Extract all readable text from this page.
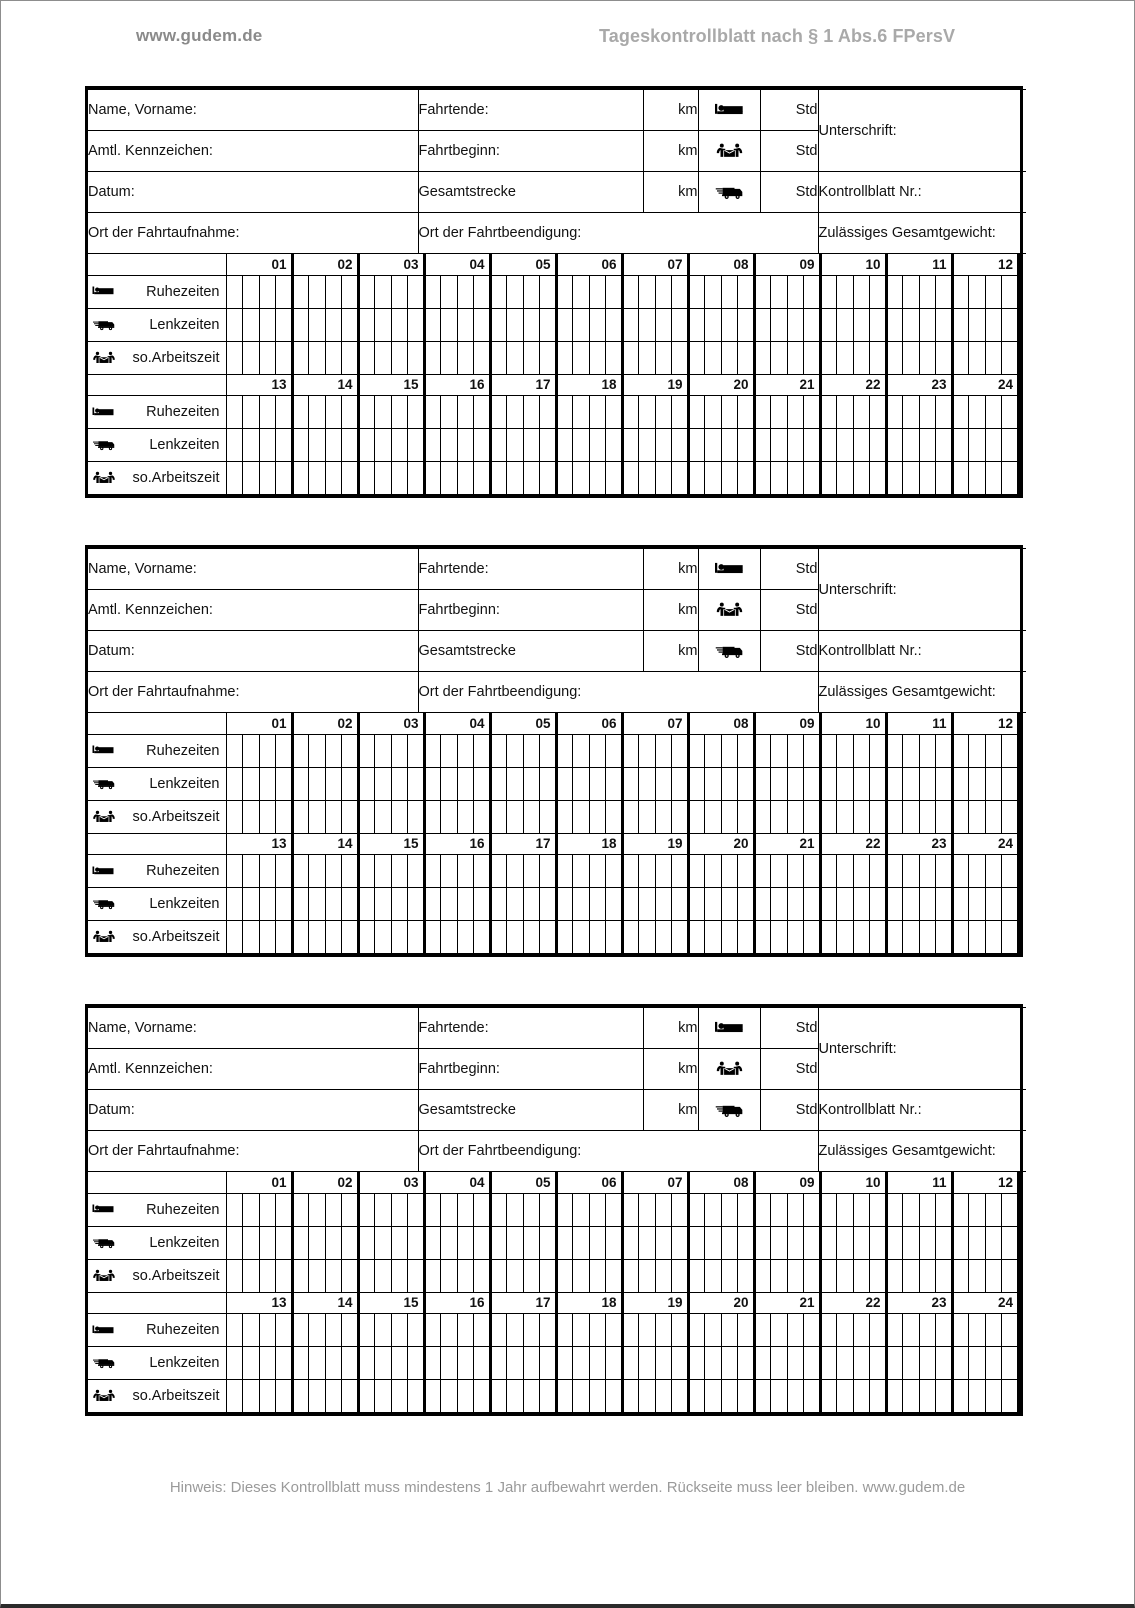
www.gudem.de	Tageskontrollblatt nach § 1 Abs.6 FPersV
Name, Vorname:	Fahrtende:	km		Std	Unterschrift:
Amtl. Kennzeichen:	Fahrtbeginn:	km		Std	
Datum:	Gesamtstrecke	km		Std	Kontrollblatt Nr.:
Ort der Fahrtaufnahme:	Ort der Fahrtbeendigung:				Zulässiges Gesamtgewicht:
	01				02				03				04				05				06				07				08				09				10				11				12			

Ruhezeiten																																																

Lenkzeiten																																																

so.Arbeitszeit																																																

	13				14				15				16				17				18				19				20				21				22				23				24			

Ruhezeiten																																																

Lenkzeiten																																																

so.Arbeitszeit																																																

Name, Vorname:	Fahrtende:	km		Std	Unterschrift:
Amtl. Kennzeichen:	Fahrtbeginn:	km		Std	
Datum:	Gesamtstrecke	km		Std	Kontrollblatt Nr.:
Ort der Fahrtaufnahme:	Ort der Fahrtbeendigung:				Zulässiges Gesamtgewicht:
	01				02				03				04				05				06				07				08				09				10				11				12			

Ruhezeiten																																																

Lenkzeiten																																																

so.Arbeitszeit																																																

	13				14				15				16				17				18				19				20				21				22				23				24			

Ruhezeiten																																																

Lenkzeiten																																																

so.Arbeitszeit																																																

Name, Vorname:	Fahrtende:	km		Std	Unterschrift:
Amtl. Kennzeichen:	Fahrtbeginn:	km		Std	
Datum:	Gesamtstrecke	km		Std	Kontrollblatt Nr.:
Ort der Fahrtaufnahme:	Ort der Fahrtbeendigung:				Zulässiges Gesamtgewicht:
	01				02				03				04				05				06				07				08				09				10				11				12			

Ruhezeiten																																																

Lenkzeiten																																																

so.Arbeitszeit																																																

	13				14				15				16				17				18				19				20				21				22				23				24			

Ruhezeiten																																																

Lenkzeiten																																																

so.Arbeitszeit																																																

Hinweis: Dieses Kontrollblatt muss mindestens 1 Jahr aufbewahrt werden. Rückseite muss leer bleiben. www.gudem.de
